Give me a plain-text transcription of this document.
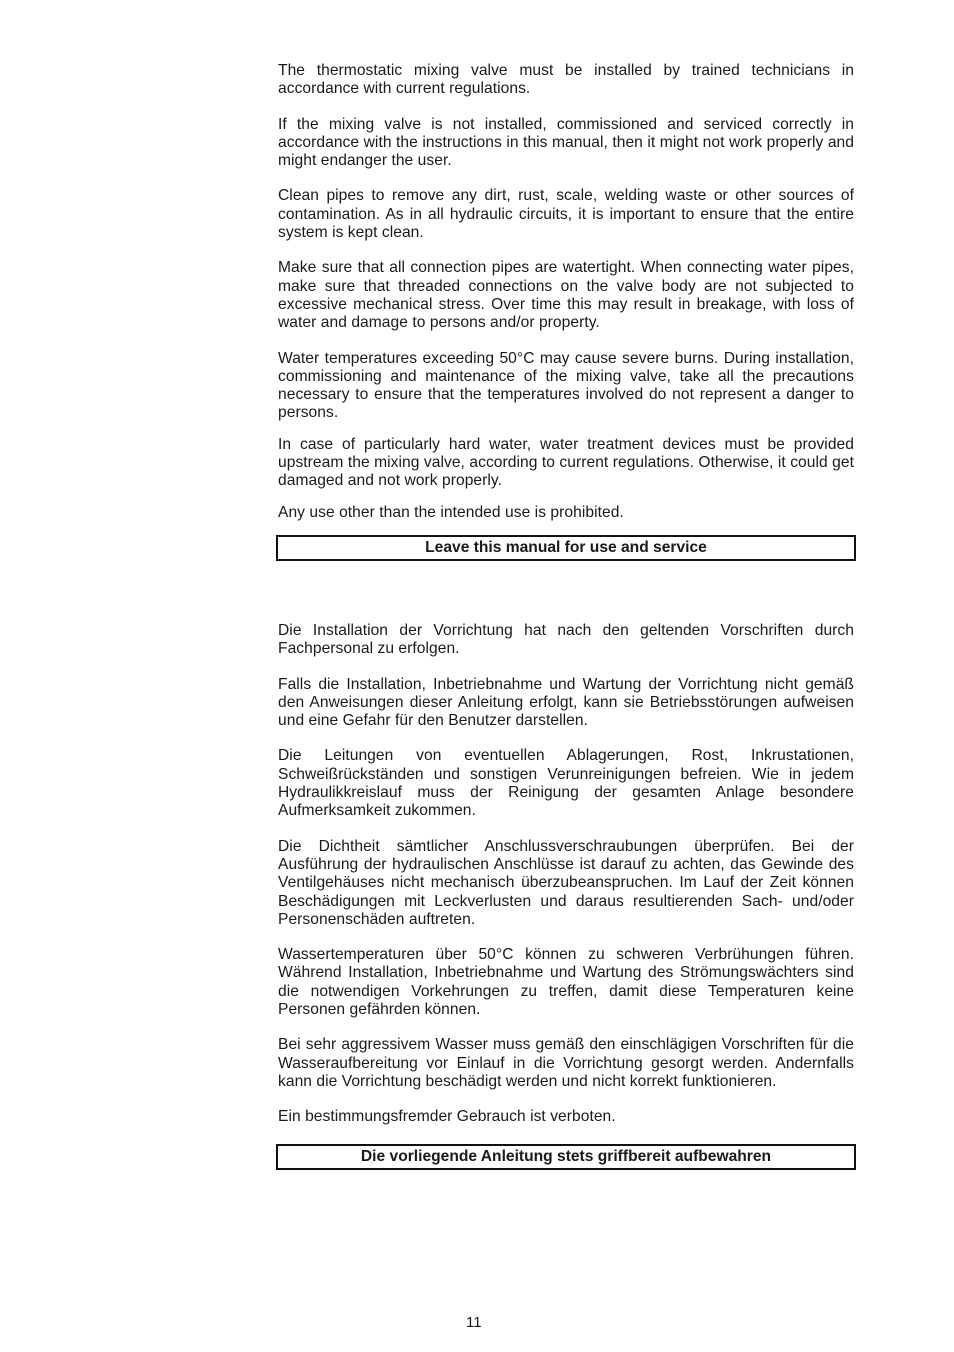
The thermostatic mixing valve must be installed by trained technicians in accordance with current regulations.

If the mixing valve is not installed, commissioned and serviced correctly in accordance with the instructions in this manual, then it might not work properly and might endanger the user.

Clean pipes to remove any dirt, rust, scale, welding waste or other sources of contamination. As in all hydraulic circuits, it is important to ensure that the entire system is kept clean.

Make sure that all connection pipes are watertight. When connecting water pipes, make sure that threaded connections on the valve body are not subjected to excessive mechanical stress. Over time this may result in breakage, with loss of water and damage to persons and/or property.

Water temperatures exceeding 50°C may cause severe burns. During installation, commissioning and maintenance of the mixing valve, take all the precautions necessary to ensure that the temperatures involved do not represent a danger to persons.

In case of particularly hard water, water treatment devices must be provided upstream the mixing valve, according to current regulations. Otherwise, it could get damaged and not work properly.

Any use other than the intended use is prohibited.

Leave this manual for use and service

Die Installation der Vorrichtung hat nach den geltenden Vorschriften durch Fachpersonal zu erfolgen.

Falls die Installation, Inbetriebnahme und Wartung der Vorrichtung nicht gemäß den Anweisungen dieser Anleitung erfolgt, kann sie Betriebsstörungen aufweisen und eine Gefahr für den Benutzer darstellen.

Die Leitungen von eventuellen Ablagerungen, Rost, Inkrustationen, Schweißrückständen und sonstigen Verunreinigungen befreien. Wie in jedem Hydraulikkreislauf muss der Reinigung der gesamten Anlage besondere Aufmerksamkeit zukommen.

Die Dichtheit sämtlicher Anschlussverschraubungen überprüfen. Bei der Ausführung der hydraulischen Anschlüsse ist darauf zu achten, das Gewinde des Ventilgehäuses nicht mechanisch überzubeanspruchen. Im Lauf der Zeit können Beschädigungen mit Leckverlusten und daraus resultierenden Sach- und/oder Personenschäden auftreten.

Wassertemperaturen über 50°C können zu schweren Verbrühungen führen. Während Installation, Inbetriebnahme und Wartung des Strömungswächters sind die notwendigen Vorkehrungen zu treffen, damit diese Temperaturen keine Personen gefährden können.

Bei sehr aggressivem Wasser muss gemäß den einschlägigen Vorschriften für die Wasseraufbereitung vor Einlauf in die Vorrichtung gesorgt werden. Andernfalls kann die Vorrichtung beschädigt werden und nicht korrekt funktionieren.

Ein bestimmungsfremder Gebrauch ist verboten.

Die vorliegende Anleitung stets griffbereit aufbewahren
11
